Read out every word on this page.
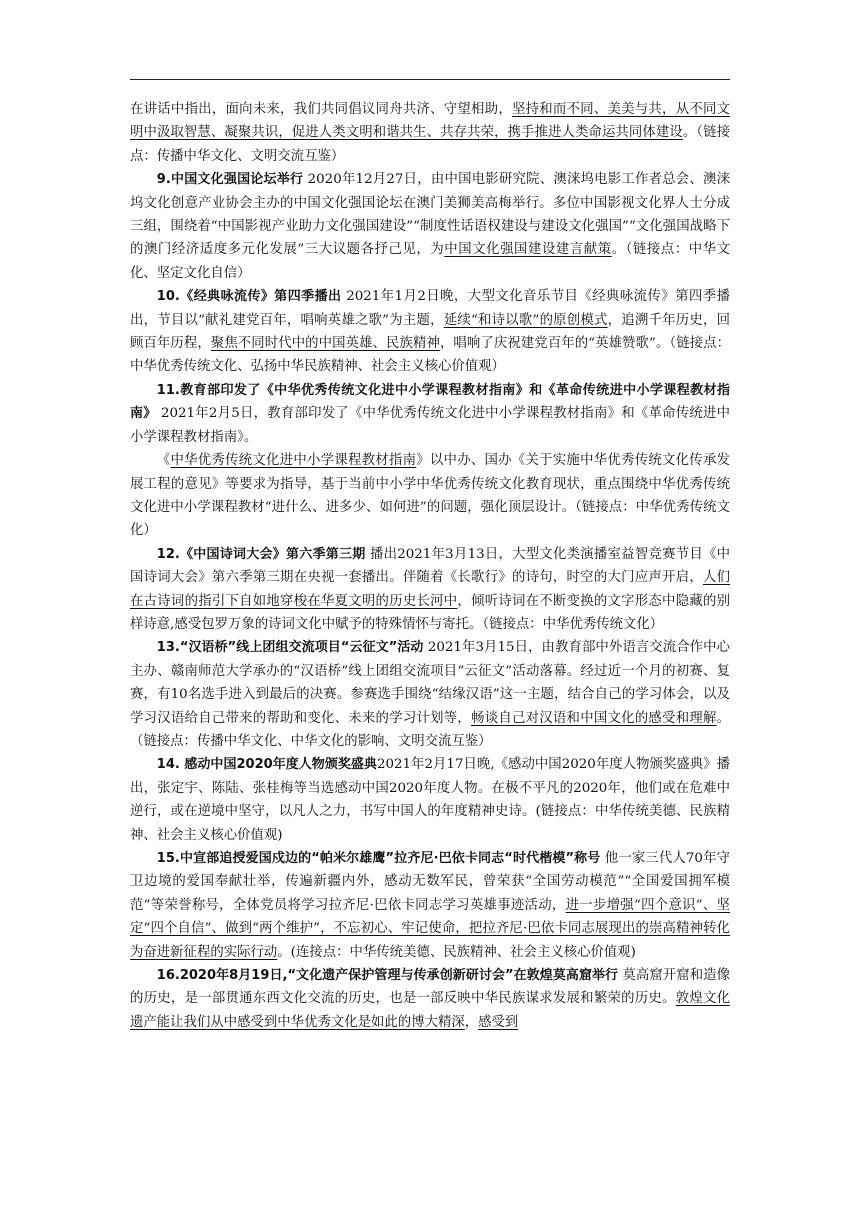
在讲话中指出，面向未来，我们共同倡议同舟共济、守望相助，坚持和而不同、美美与共，从不同文明中汲取智慧、凝聚共识，促进人类文明和谐共生、共存共荣，携手推进人类命运共同体建设。（链接点：传播中华文化、文明交流互鉴）

9.中国文化强国论坛举行 2020年12月27日，由中国电影研究院、澳涞坞电影工作者总会、澳涞坞文化创意产业协会主办的中国文化强国论坛在澳门美狮美高梅举行。多位中国影视文化界人士分成三组，围绕着“中国影视产业助力文化强国建设”“制度性话语权建设与建设文化强国”“文化强国战略下的澳门经济适度多元化发展”三大议题各抒己见，为中国文化强国建设建言献策。（链接点：中华文化、坚定文化自信）

10.《经典咏流传》第四季播出 2021年1月2日晚，大型文化音乐节目《经典咏流传》第四季播出，节目以“献礼建党百年，唱响英雄之歌”为主题，延续“和诗以歌”的原创模式，追溯千年历史，回顾百年历程，聚焦不同时代中的中国英雄、民族精神，唱响了庆祝建党百年的“英雄赞歌”。（链接点：中华优秀传统文化、弘扬中华民族精神、社会主义核心价值观）

11.教育部印发了《中华优秀传统文化进中小学课程教材指南》和《革命传统进中小学课程教材指南》 2021年2月5日，教育部印发了《中华优秀传统文化进中小学课程教材指南》和《革命传统进中小学课程教材指南》。

《中华优秀传统文化进中小学课程教材指南》以中办、国办《关于实施中华优秀传统文化传承发展工程的意见》等要求为指导，基于当前中小学中华优秀传统文化教育现状，重点围绕中华优秀传统文化进中小学课程教材“进什么、进多少、如何进”的问题，强化顶层设计。（链接点：中华优秀传统文化）

12.《中国诗词大会》第六季第三期 播出2021年3月13日，大型文化类演播室益智竞赛节目《中国诗词大会》第六季第三期在央视一套播出。伴随着《长歌行》的诗句，时空的大门应声开启，人们在古诗词的指引下自如地穿梭在华夏文明的历史长河中，倾听诗词在不断变换的文字形态中隐藏的别样诗意,感受包罗万象的诗词文化中赋予的特殊情怀与寄托。（链接点：中华优秀传统文化）

13.“汉语桥”线上团组交流项目“云征文”活动 2021年3月15日，由教育部中外语言交流合作中心主办、赣南师范大学承办的“汉语桥”线上团组交流项目“云征文”活动落幕。经过近一个月的初赛、复赛，有10名选手进入到最后的决赛。参赛选手围绕“结缘汉语”这一主题，结合自己的学习体会，以及学习汉语给自己带来的帮助和变化、未来的学习计划等，畅谈自己对汉语和中国文化的感受和理解。（链接点：传播中华文化、中华文化的影响、文明交流互鉴）

14. 感动中国2020年度人物颁奖盛典2021年2月17日晚,《感动中国2020年度人物颁奖盛典》播出，张定宇、陈陆、张桂梅等当选感动中国2020年度人物。在极不平凡的2020年，他们或在危难中逆行，或在逆境中坚守，以凡人之力，书写中国人的年度精神史诗。(链接点：中华传统美德、民族精神、社会主义核心价值观)

15.中宣部追授爱国戍边的“帕米尔雄鹰”拉齐尼·巴依卡同志“时代楷模”称号 他一家三代人70年守卫边境的爱国奉献壮举，传遍新疆内外，感动无数军民，曾荣获“全国劳动模范”“全国爱国拥军模范”等荣誉称号，全体党员将学习拉齐尼·巴依卡同志学习英雄事迹活动，进一步增强“四个意识”、坚定“四个自信”、做到“两个维护”，不忘初心、牢记使命，把拉齐尼·巴依卡同志展现出的崇高精神转化为奋进新征程的实际行动。(连接点：中华传统美德、民族精神、社会主义核心价值观)

16.2020年8月19日,“文化遗产保护管理与传承创新研讨会”在敦煌莫高窟举行 莫高窟开窟和造像的历史，是一部贯通东西文化交流的历史，也是一部反映中华民族谋求发展和繁荣的历史。敦煌文化遗产能让我们从中感受到中华优秀文化是如此的博大精深，感受到
